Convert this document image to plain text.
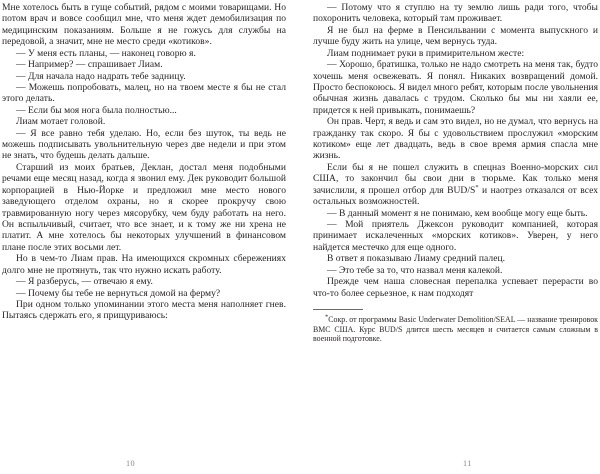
Мне хотелось быть в гуще событий, рядом с моими товарищами. Но потом врач и вовсе сообщил мне, что меня ждет демобилизация по медицинским показаниям. Больше я не гожусь для службы на передовой, а значит, мне не место среди «котиков».

— У меня есть планы, — наконец говорю я.

— Например? — спрашивает Лиам.

— Для начала надо надрать тебе задницу.

— Можешь попробовать, малец, но на твоем месте я бы не стал этого делать.

— Если бы моя нога была полностью...

Лиам мотает головой.

— Я все равно тебя уделаю. Но, если без шуток, ты ведь не можешь подписывать увольнительную через две недели и при этом не знать, что будешь делать дальше.

Старший из моих братьев, Деклан, достал меня подобными речами еще месяц назад, когда я звонил ему. Дек руководит большой корпорацией в Нью-Йорке и предложил мне место нового заведующего отделом охраны, но я скорее прокручу свою травмированную ногу через мясорубку, чем буду работать на него. Он вспыльчивый, считает, что все знает, и к тому же ни хрена не платит. А мне хотелось бы некоторых улучшений в финансовом плане после этих восьми лет.

Но в чем-то Лиам прав. На имеющихся скромных сбережениях долго мне не протянуть, так что нужно искать работу.

— Я разберусь, — отвечаю я ему.

— Почему бы тебе не вернуться домой на ферму?

При одном только упоминании этого места меня наполняет гнев. Пытаясь сдержать его, я прищуриваюсь:

10

— Потому что я ступлю на ту землю лишь ради того, чтобы похоронить человека, который там проживает.

Я не был на ферме в Пенсильвании с момента выпускного и лучше буду жить на улице, чем вернусь туда.

Лиам поднимает руки в примирительном жесте:

— Хорошо, братишка, только не надо смотреть на меня так, будто хочешь меня освежевать. Я понял. Никаких возвращений домой. Просто беспокоюсь. Я видел много ребят, которым после увольнения обычная жизнь давалась с трудом. Сколько бы мы ни хаяли ее, придется к ней привыкать, понимаешь?

Он прав. Черт, я ведь и сам это видел, но не думал, что вернусь на гражданку так скоро. Я бы с удовольствием прослужил «морским котиком» еще лет двадцать, ведь в свое время армия спасла мне жизнь.

Если бы я не пошел служить в спецназ Военно-морских сил США, то закончил бы свои дни в тюрьме. Как только меня зачислили, я прошел отбор для BUD/S* и наотрез отказался от всех остальных возможностей.

— В данный момент я не понимаю, кем вообще могу еще быть.

— Мой приятель Джексон руководит компанией, которая принимает искалеченных «морских котиков». Уверен, у него найдется местечко для еще одного.

В ответ я показываю Лиаму средний палец.

— Это тебе за то, что назвал меня калекой.

Прежде чем наша словесная перепалка успевает перерасти во что-то более серьезное, к нам подходят

*Сокр. от программы Basic Underwater Demolition/SEAL — название тренировок ВМС США. Курс BUD/S длится шесть месяцев и считается самым сложным в военной подготовке.

11
